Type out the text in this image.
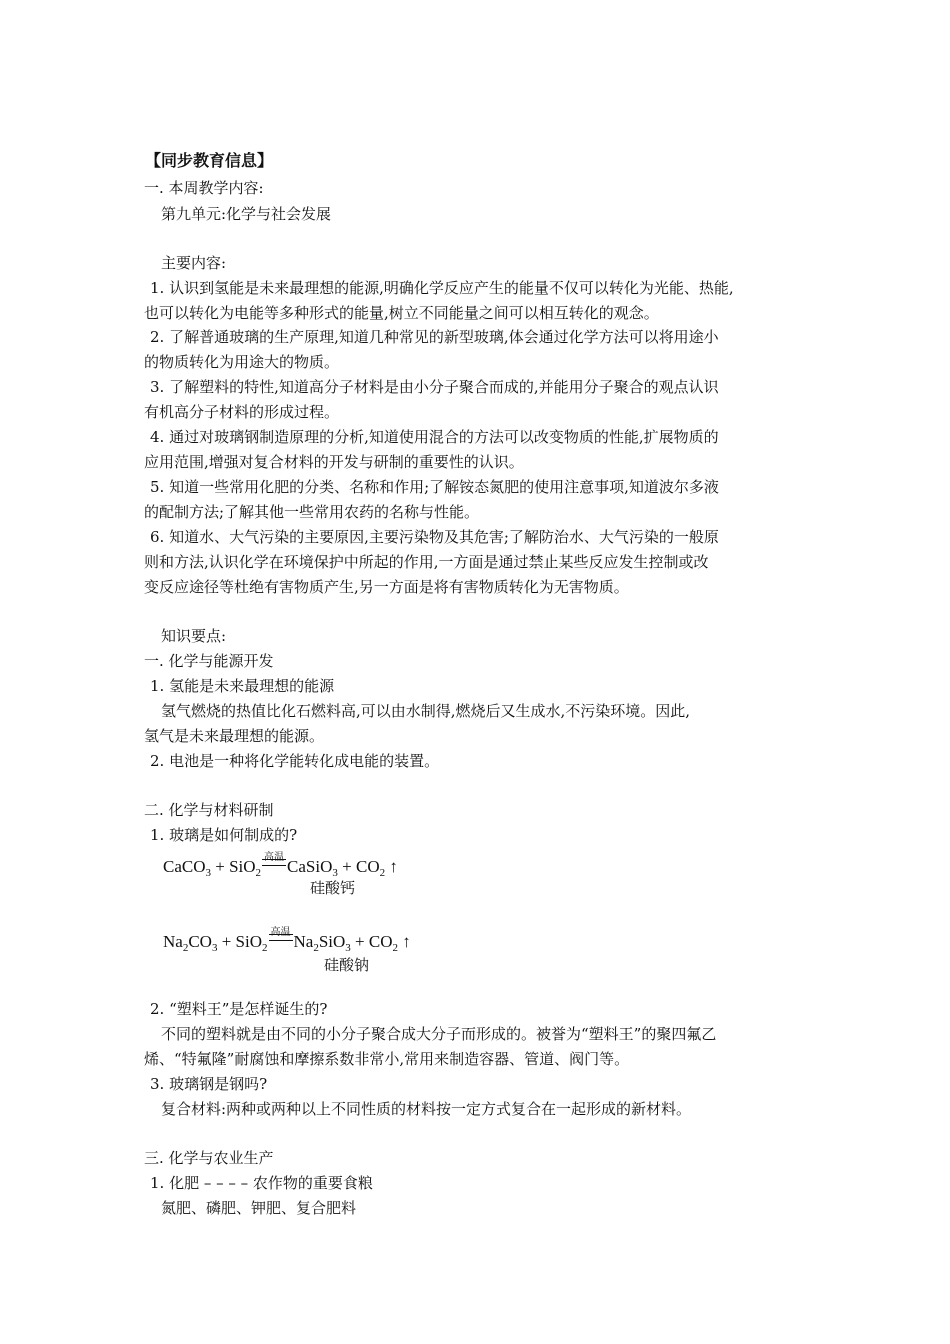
【同步教育信息】
一. 本周教学内容:
第九单元:化学与社会发展
主要内容:
1. 认识到氢能是未来最理想的能源,明确化学反应产生的能量不仅可以转化为光能、热能,
也可以转化为电能等多种形式的能量,树立不同能量之间可以相互转化的观念。
2. 了解普通玻璃的生产原理,知道几种常见的新型玻璃,体会通过化学方法可以将用途小
的物质转化为用途大的物质。
3. 了解塑料的特性,知道高分子材料是由小分子聚合而成的,并能用分子聚合的观点认识
有机高分子材料的形成过程。
4. 通过对玻璃钢制造原理的分析,知道使用混合的方法可以改变物质的性能,扩展物质的
应用范围,增强对复合材料的开发与研制的重要性的认识。
5. 知道一些常用化肥的分类、名称和作用;了解铵态氮肥的使用注意事项,知道波尔多液
的配制方法;了解其他一些常用农药的名称与性能。
6. 知道水、大气污染的主要原因,主要污染物及其危害;了解防治水、大气污染的一般原
则和方法,认识化学在环境保护中所起的作用,一方面是通过禁止某些反应发生控制或改
变反应途径等杜绝有害物质产生,另一方面是将有害物质转化为无害物质。
知识要点:
一. 化学与能源开发
1. 氢能是未来最理想的能源
氢气燃烧的热值比化石燃料高,可以由水制得,燃烧后又生成水,不污染环境。因此,
氢气是未来最理想的能源。
2. 电池是一种将化学能转化成电能的装置。
二. 化学与材料研制
1. 玻璃是如何制成的?
CaCO$_3$ + SiO$_2$
高温 CaSiO$_3$ + $CO_2$ ↑
硅酸钙
$Na_2CO_3 + SiO_2$
高温 $Na_2SiO_3 + CO_2$ ↑
硅酸钠
2. “塑料王”是怎样诞生的?
不同的塑料就是由不同的小分子聚合成大分子而形成的。被誉为“塑料王”的聚四氟乙
烯、“特氟隆”耐腐蚀和摩擦系数非常小,常用来制造容器、管道、阀门等。
3. 玻璃钢是钢吗?
复合材料:两种或两种以上不同性质的材料按一定方式复合在一起形成的新材料。
三. 化学与农业生产
1. 化肥 – – – – 农作物的重要食粮
氮肥、磷肥、钾肥、复合肥料
